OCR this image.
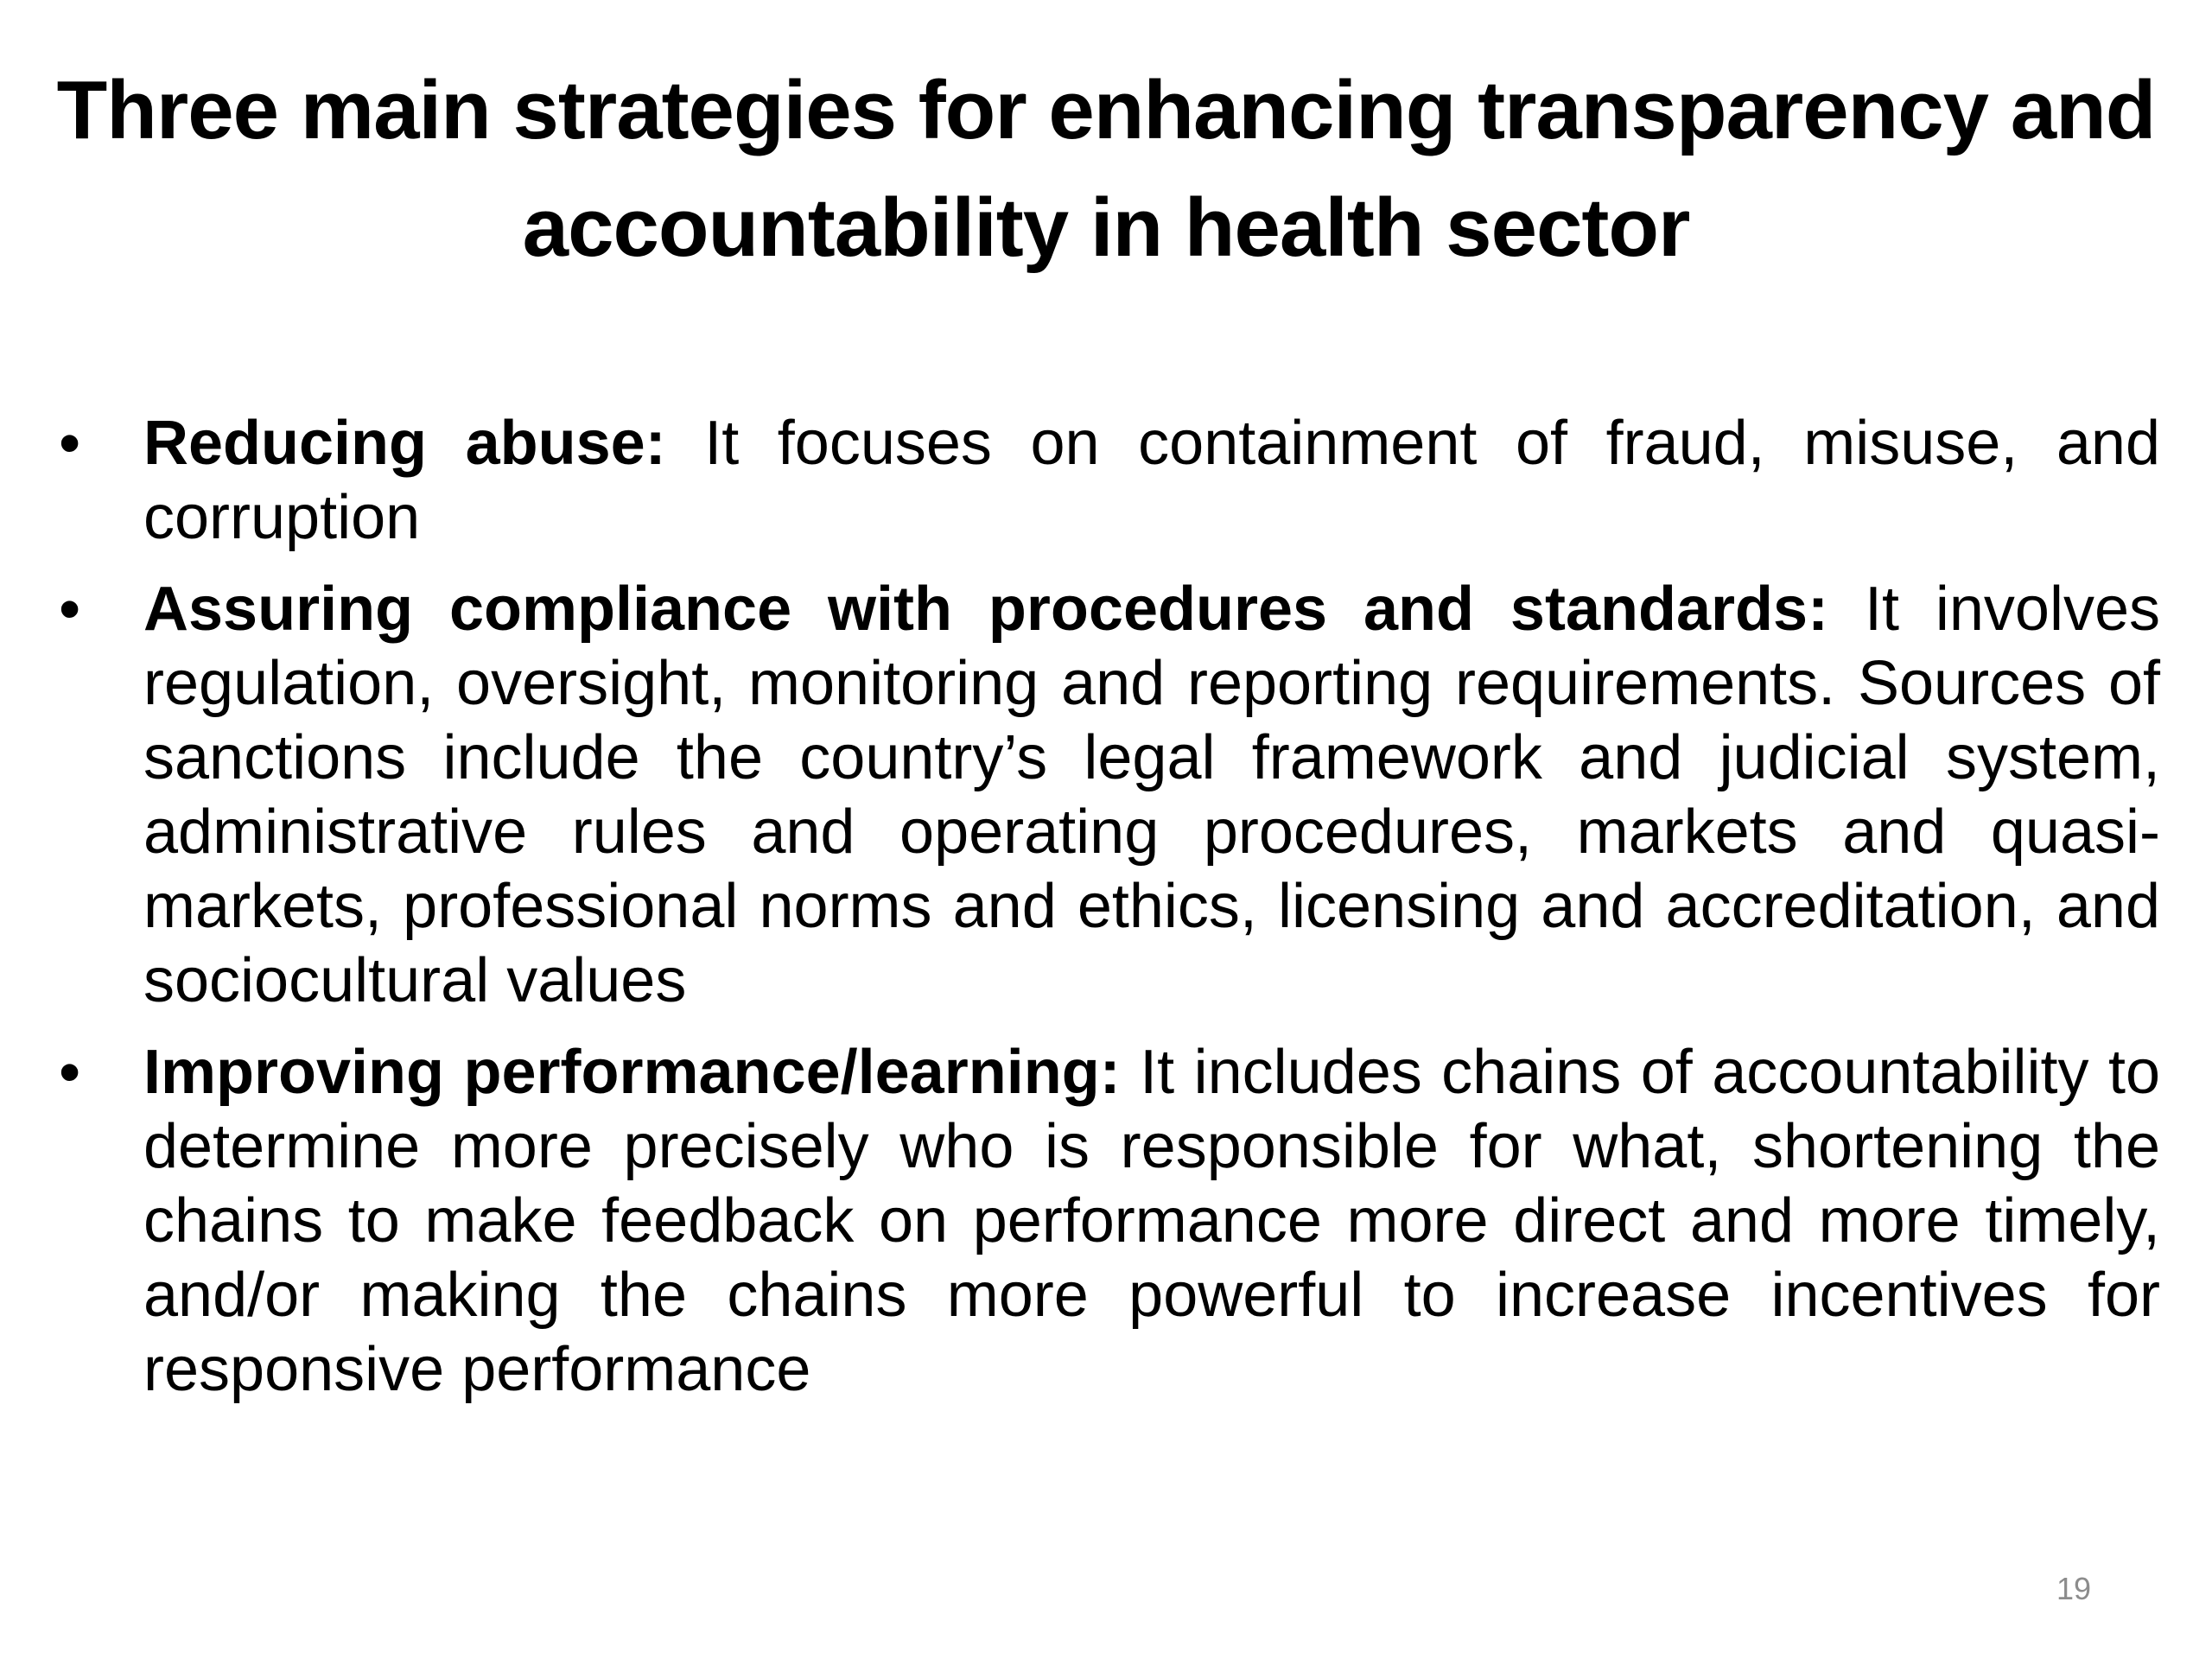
Three main strategies for enhancing transparency and accountability in health sector
•	Reducing abuse: It focuses on containment of fraud, misuse, and corruption
•	Assuring compliance with procedures and standards: It involves regulation, oversight, monitoring and reporting requirements. Sources of sanctions include the country’s legal framework and judicial system, administrative rules and operating procedures, markets and quasi-markets, professional norms and ethics, licensing and accreditation, and sociocultural values
•	Improving performance/learning: It includes chains of accountability to determine more precisely who is responsible for what, shortening the chains to make feedback on performance more direct and more timely, and/or making the chains more powerful to increase incentives for responsive performance
19
